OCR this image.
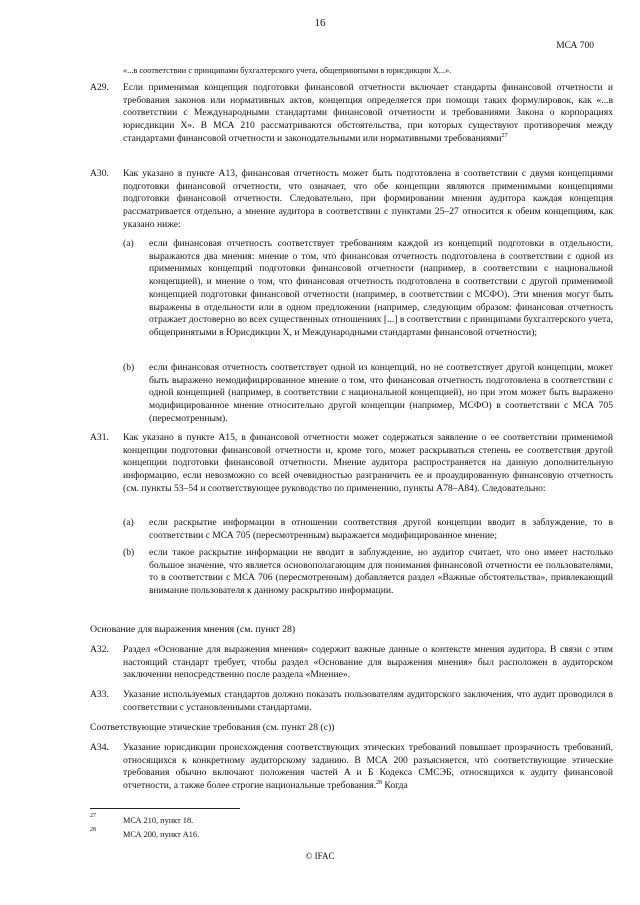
16
МСА 700
«...в соответствии с принципами бухгалтерского учета, общепринятыми в юрисдикции X...».
A29. Если применимая концепция подготовки финансовой отчетности включает стандарты финансовой отчетности и требования законов или нормативных актов, концепция определяется при помощи таких формулировок, как «...в соответствии с Международными стандартами финансовой отчетности и требованиями Закона о корпорациях юрисдикции X». В МСА 210 рассматриваются обстоятельства, при которых существуют противоречия между стандартами финансовой отчетности и законодательными или нормативными требованиями$^{27}$
A30. Как указано в пункте A13, финансовая отчетность может быть подготовлена в соответствии с двумя концепциями подготовки финансовой отчетности, что означает, что обе концепции являются применимыми концепциями подготовки финансовой отчетности. Следовательно, при формировании мнения аудитора каждая концепция рассматривается отдельно, а мнение аудитора в соответствии с пунктами 25–27 относится к обеим концепциям, как указано ниже:
(a) если финансовая отчетность соответствует требованиям каждой из концепций подготовки в отдельности, выражаются два мнения: мнение о том, что финансовая отчетность подготовлена в соответствии с одной из применимых концепций подготовки финансовой отчетности (например, в соответствии с национальной концепцией), и мнение о том, что финансовая отчетность подготовлена в соответствии с другой применимой концепцией подготовки финансовой отчетности (например, в соответствии с МСФО). Эти мнения могут быть выражены в отдельности или в одном предложении (например, следующим образом: финансовая отчетность отражает достоверно во всех существенных отношениях [...] в соответствии с принципами бухгалтерского учета, общепринятыми в Юрисдикции X, и Международными стандартами финансовой отчетности);
(b) если финансовая отчетность соответствует одной из концепций, но не соответствует другой концепции, может быть выражено немодифицированное мнение о том, что финансовая отчетность подготовлена в соответствии с одной концепцией (например, в соответствии с национальной концепцией), но при этом может быть выражено модифицированное мнение относительно другой концепции (например, МСФО) в соответствии с МСА 705 (пересмотренным).
A31. Как указано в пункте A15, в финансовой отчетности может содержаться заявление о ее соответствии применимой концепции подготовки финансовой отчетности и, кроме того, может раскрываться степень ее соответствия другой концепции подготовки финансовой отчетности. Мнение аудитора распространяется на данную дополнительную информацию, если невозможно со всей очевидностью разграничить ее и проаудированную финансовую отчетность (см. пункты 53–54 и соответствующее руководство по применению, пункты A78–A84). Следовательно:
(a) если раскрытие информации в отношении соответствия другой концепции вводит в заблуждение, то в соответствии с МСА 705 (пересмотренным) выражается модифицированное мнение;
(b) если такое раскрытие информации не вводит в заблуждение, но аудитор считает, что оно имеет настолько большое значение, что является основополагающим для понимания финансовой отчетности ее пользователями, то в соответствии с МСА 706 (пересмотренным) добавляется раздел «Важные обстоятельства», привлекающий внимание пользователя к данному раскрытию информации.
Основание для выражения мнения (см. пункт 28)
A32. Раздел «Основание для выражения мнения» содержит важные данные о контексте мнения аудитора. В связи с этим настоящий стандарт требует, чтобы раздел «Основание для выражения мнения» был расположен в аудиторском заключении непосредственно после раздела «Мнение».
A33. Указание используемых стандартов должно показать пользователям аудиторского заключения, что аудит проводился в соответствии с установленными стандартами.
Соответствующие этические требования (см. пункт 28 (c))
A34. Указание юрисдикции происхождения соответствующих этических требований повышает прозрачность требований, относящихся к конкретному аудиторскому заданию. В МСА 200 разъясняется, что соответствующие этические требования обычно включают положения частей A и Б Кодекса СМСЭБ, относящихся к аудиту финансовой отчетности, а также более строгие национальные требования.$^{28}$ Когда
27	МСА 210, пункт 18.
28	МСА 200, пункт A16.
© IFAC
